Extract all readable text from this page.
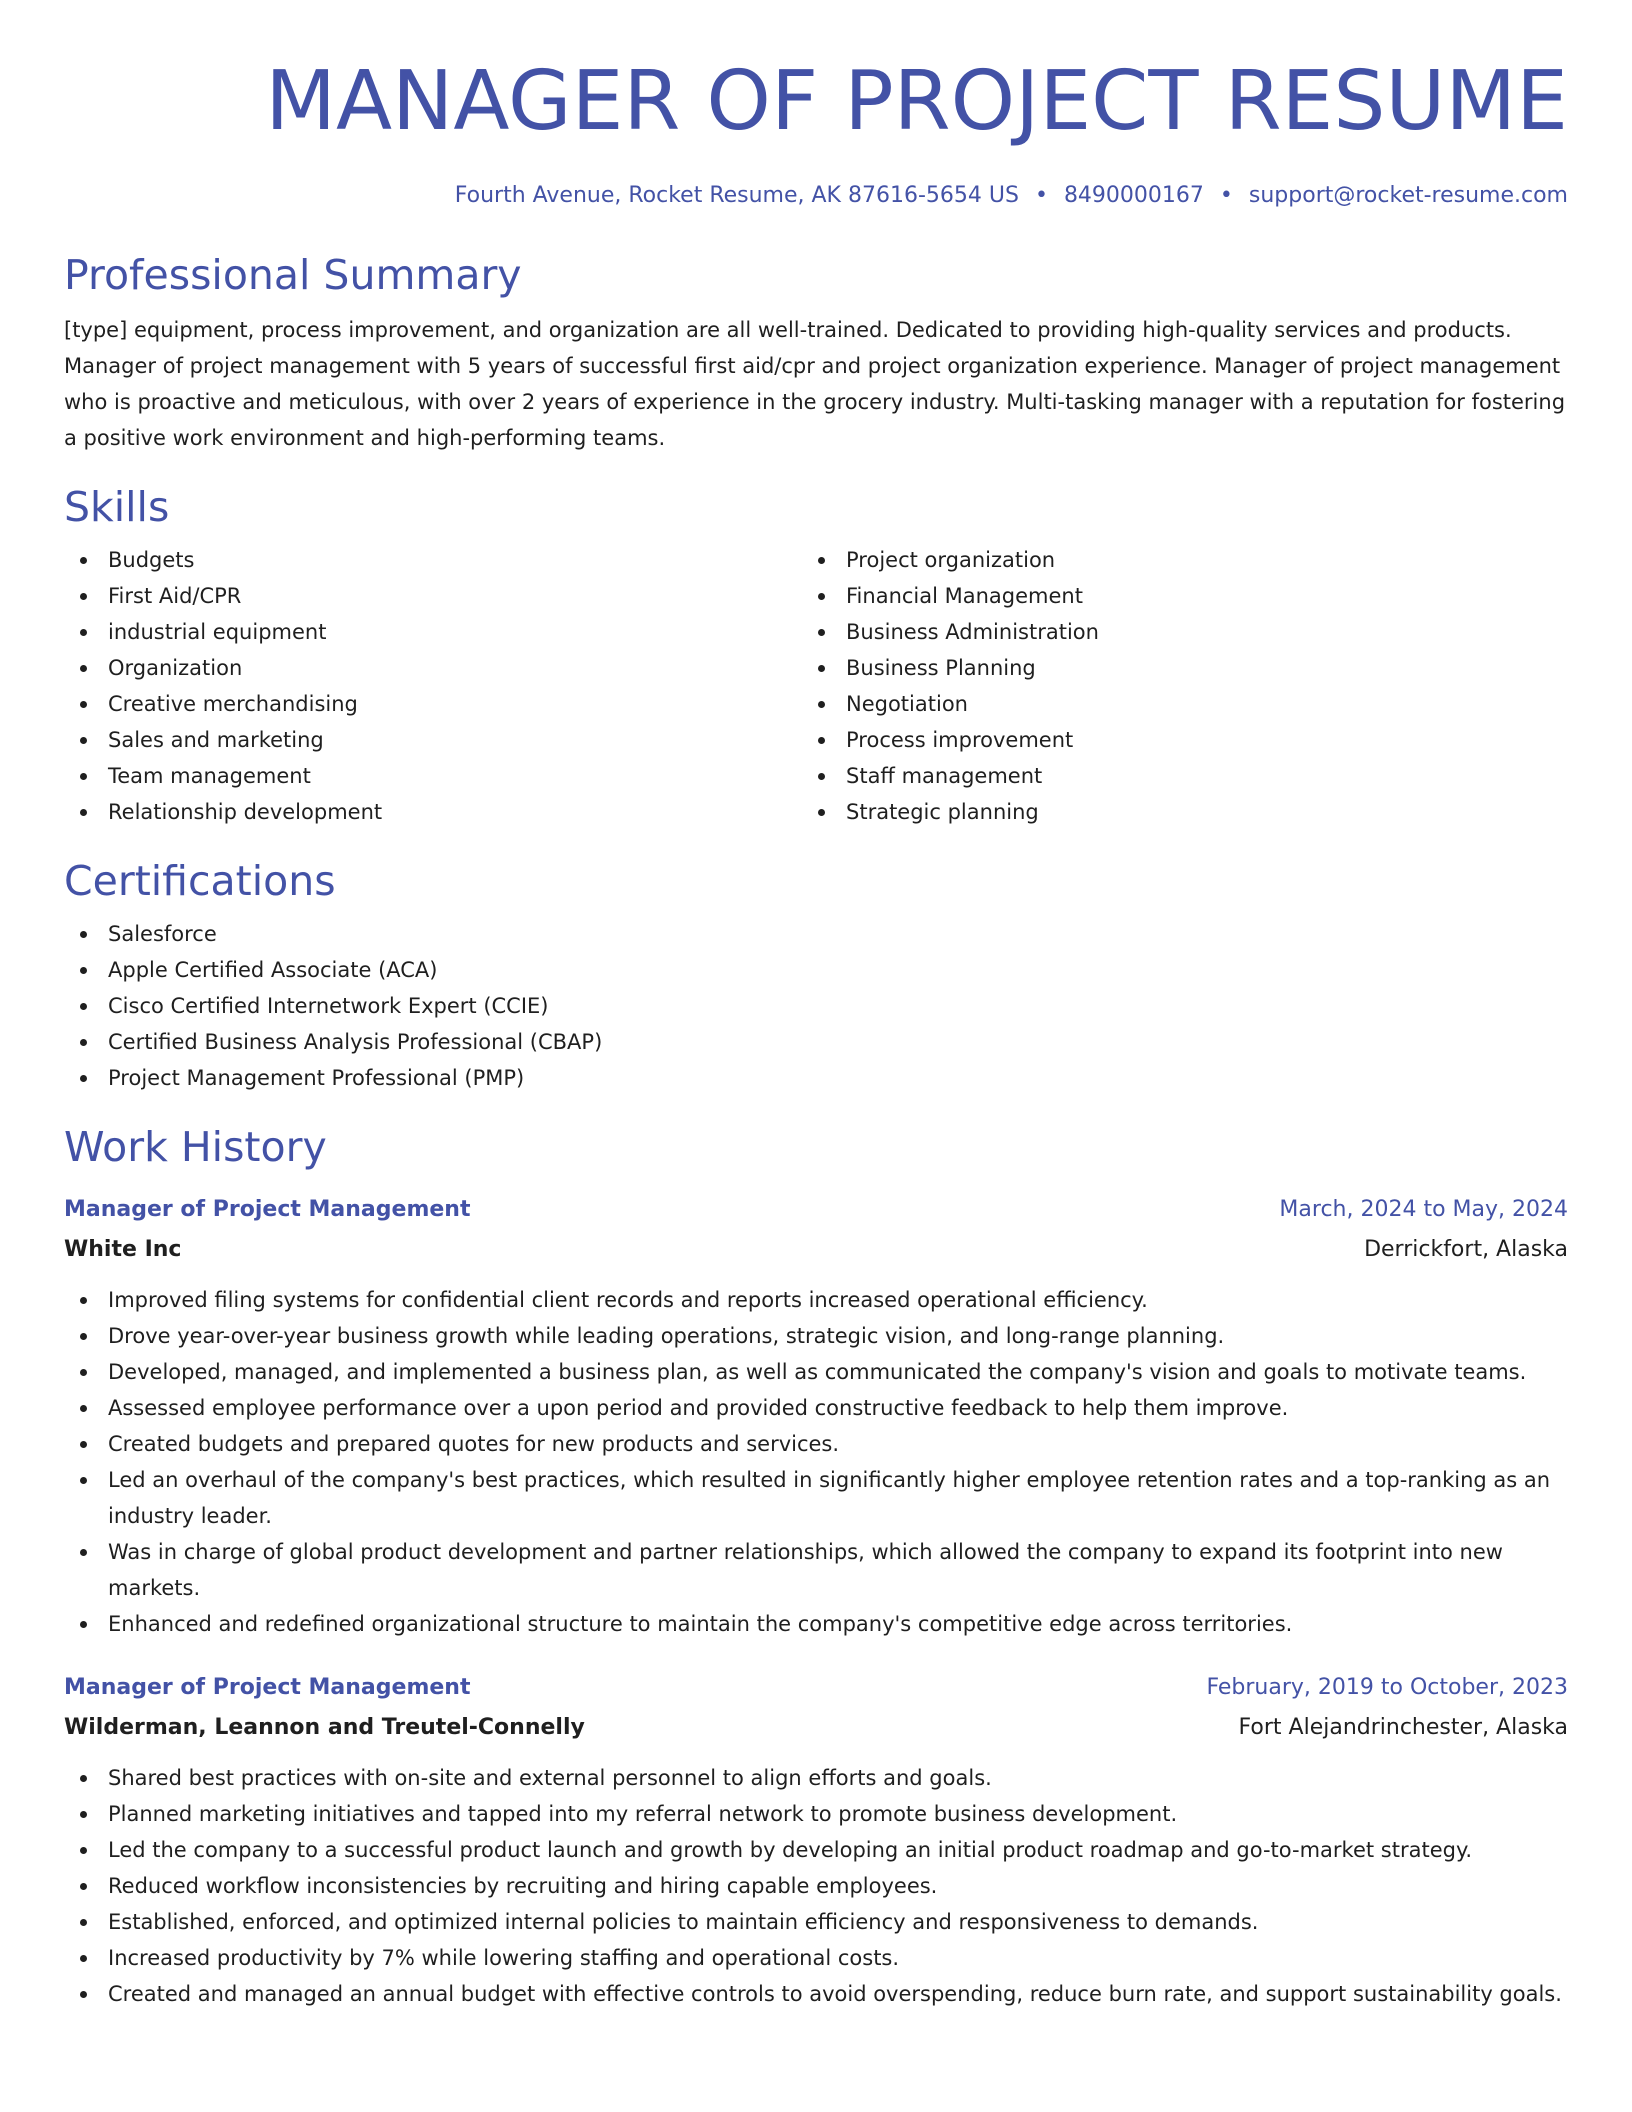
MANAGER OF PROJECT RESUME
Fourth Avenue, Rocket Resume, AK 87616-5654 US • 8490000167 • support@rocket-resume.com
Professional Summary

[type] equipment, process improvement, and organization are all well-trained. Dedicated to providing high-quality services and products. Manager of project management with 5 years of successful first aid/cpr and project organization experience. Manager of project management who is proactive and meticulous, with over 2 years of experience in the grocery industry. Multi-tasking manager with a reputation for fostering a positive work environment and high-performing teams.

Skills
Budgets
First Aid/CPR
industrial equipment
Organization
Creative merchandising
Sales and marketing
Team management
Relationship development
Project organization
Financial Management
Business Administration
Business Planning
Negotiation
Process improvement
Staff management
Strategic planning
Certifications
Salesforce
Apple Certified Associate (ACA)
Cisco Certified Internetwork Expert (CCIE)
Certified Business Analysis Professional (CBAP)
Project Management Professional (PMP)
Work History
Manager of Project Management	March, 2024 to May, 2024
White Inc	Derrickfort, Alaska
Improved filing systems for confidential client records and reports increased operational efficiency.
Drove year-over-year business growth while leading operations, strategic vision, and long-range planning.
Developed, managed, and implemented a business plan, as well as communicated the company's vision and goals to motivate teams.
Assessed employee performance over a upon period and provided constructive feedback to help them improve.
Created budgets and prepared quotes for new products and services.
Led an overhaul of the company's best practices, which resulted in significantly higher employee retention rates and a top-ranking as an industry leader.
Was in charge of global product development and partner relationships, which allowed the company to expand its footprint into new markets.
Enhanced and redefined organizational structure to maintain the company's competitive edge across territories.
Manager of Project Management	February, 2019 to October, 2023
Wilderman, Leannon and Treutel-Connelly	Fort Alejandrinchester, Alaska
Shared best practices with on-site and external personnel to align efforts and goals.
Planned marketing initiatives and tapped into my referral network to promote business development.
Led the company to a successful product launch and growth by developing an initial product roadmap and go-to-market strategy.
Reduced workflow inconsistencies by recruiting and hiring capable employees.
Established, enforced, and optimized internal policies to maintain efficiency and responsiveness to demands.
Increased productivity by 7% while lowering staffing and operational costs.
Created and managed an annual budget with effective controls to avoid overspending, reduce burn rate, and support sustainability goals.
